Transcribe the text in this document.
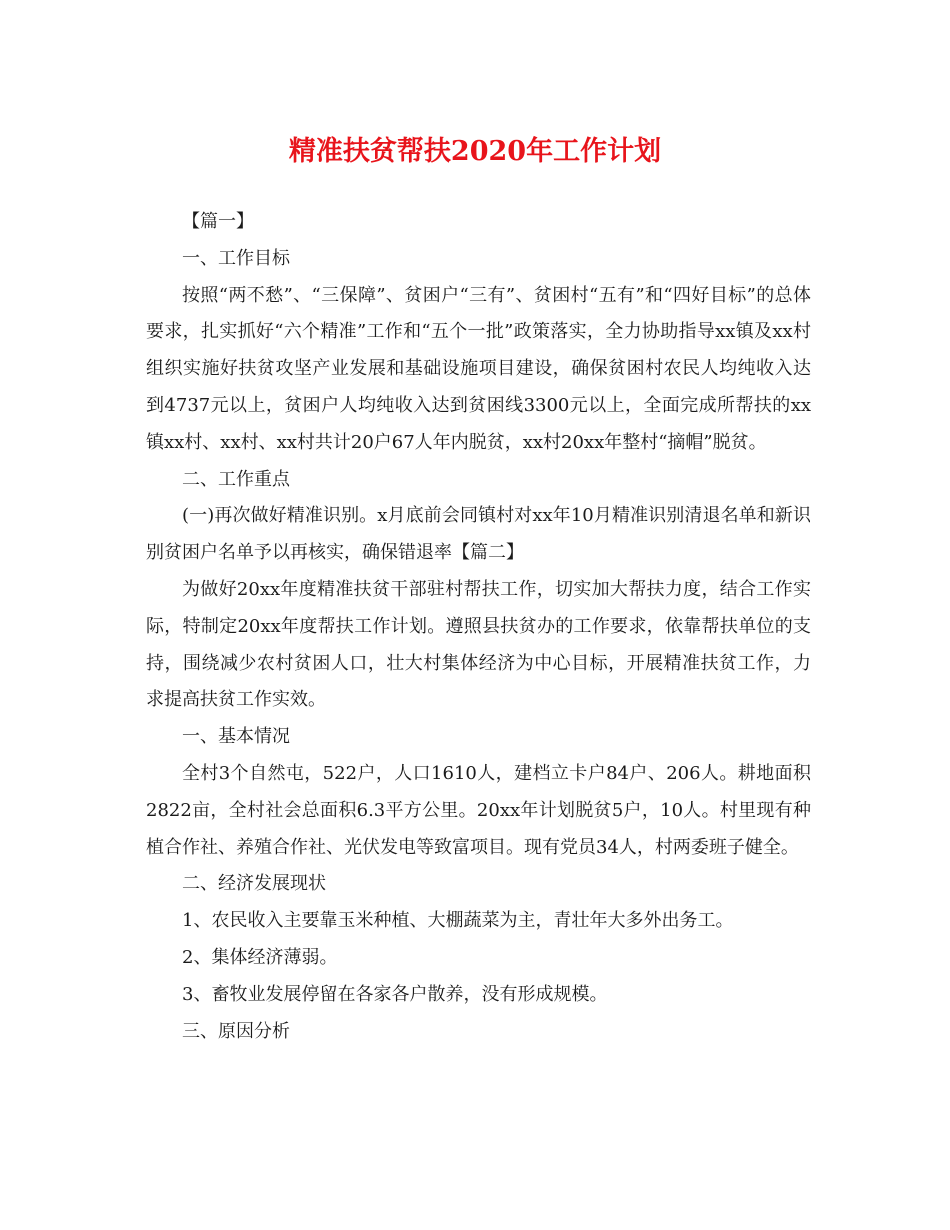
精准扶贫帮扶2020年工作计划

【篇一】

一、工作目标

按照“两不愁”、“三保障”、贫困户“三有”、贫困村“五有”和“四好目标”的总体要求，扎实抓好“六个精准”工作和“五个一批”政策落实，全力协助指导xx镇及xx村组织实施好扶贫攻坚产业发展和基础设施项目建设，确保贫困村农民人均纯收入达到4737元以上，贫困户人均纯收入达到贫困线3300元以上，全面完成所帮扶的xx镇xx村、xx村、xx村共计20户67人年内脱贫，xx村20xx年整村“摘帽”脱贫。

二、工作重点

(一)再次做好精准识别。x月底前会同镇村对xx年10月精准识别清退名单和新识别贫困户名单予以再核实，确保错退率【篇二】

为做好20xx年度精准扶贫干部驻村帮扶工作，切实加大帮扶力度，结合工作实际，特制定20xx年度帮扶工作计划。遵照县扶贫办的工作要求，依靠帮扶单位的支持，围绕减少农村贫困人口，壮大村集体经济为中心目标，开展精准扶贫工作，力求提高扶贫工作实效。

一、基本情况

全村3个自然屯，522户，人口1610人，建档立卡户84户、206人。耕地面积2822亩，全村社会总面积6.3平方公里。20xx年计划脱贫5户，10人。村里现有种植合作社、养殖合作社、光伏发电等致富项目。现有党员34人，村两委班子健全。

二、经济发展现状

1、农民收入主要靠玉米种植、大棚蔬菜为主，青壮年大多外出务工。

2、集体经济薄弱。

3、畜牧业发展停留在各家各户散养，没有形成规模。

三、原因分析
